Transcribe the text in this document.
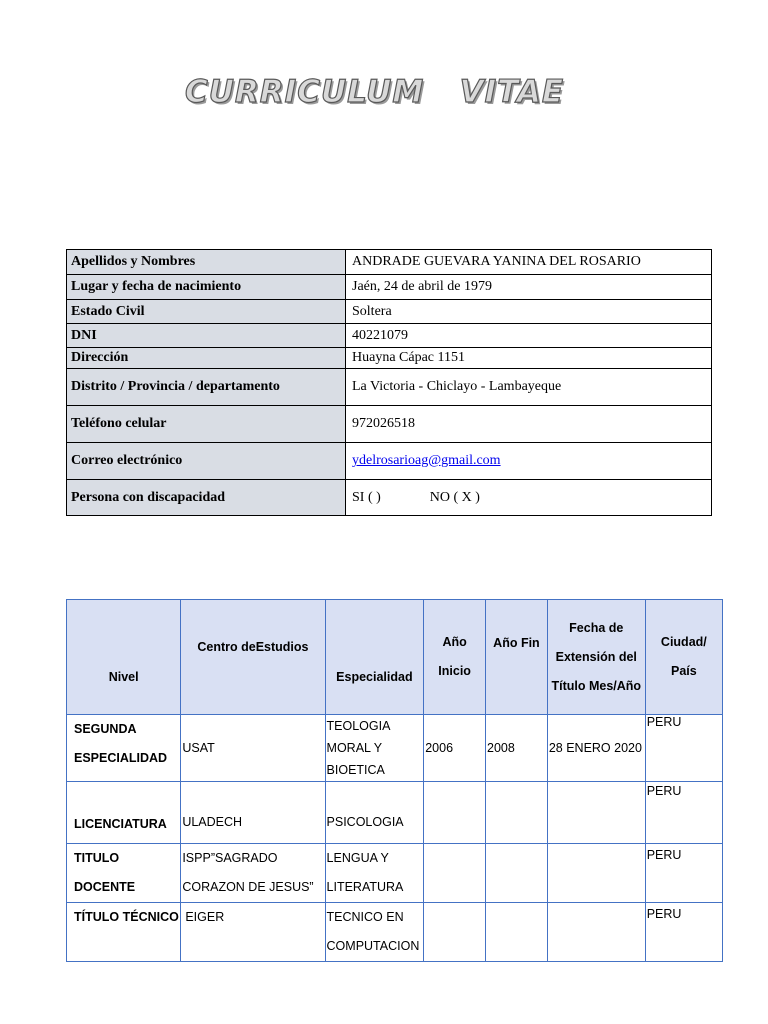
CURRICULUM   VITAE
Apellidos y Nombres	ANDRADE GUEVARA YANINA DEL ROSARIO
Lugar y fecha de nacimiento	Jaén, 24 de abril de 1979
Estado Civil	Soltera
DNI	40221079
Dirección	Huayna Cápac 1151
Distrito / Provincia / departamento	La Victoria - Chiclayo - Lambayeque
Teléfono celular	972026518
Correo electrónico	ydelrosarioag@gmail.com
Persona con discapacidad	SI ( )              NO ( X )
Nivel	Centro deEstudios	Especialidad	Año Inicio	Año Fin	Fecha de Extensión del Título Mes/Año	Ciudad/ País
SEGUNDA ESPECIALIDAD	USAT	TEOLOGIA MORAL Y BIOETICA	2006	2008	28 ENERO 2020	PERU
LICENCIATURA	ULADECH	PSICOLOGIA				PERU
TITULO DOCENTE	ISPP”SAGRADO CORAZON DE JESUS”	LENGUA Y LITERATURA				PERU
TÍTULO TÉCNICO	EIGER	TECNICO EN COMPUTACION				PERU
